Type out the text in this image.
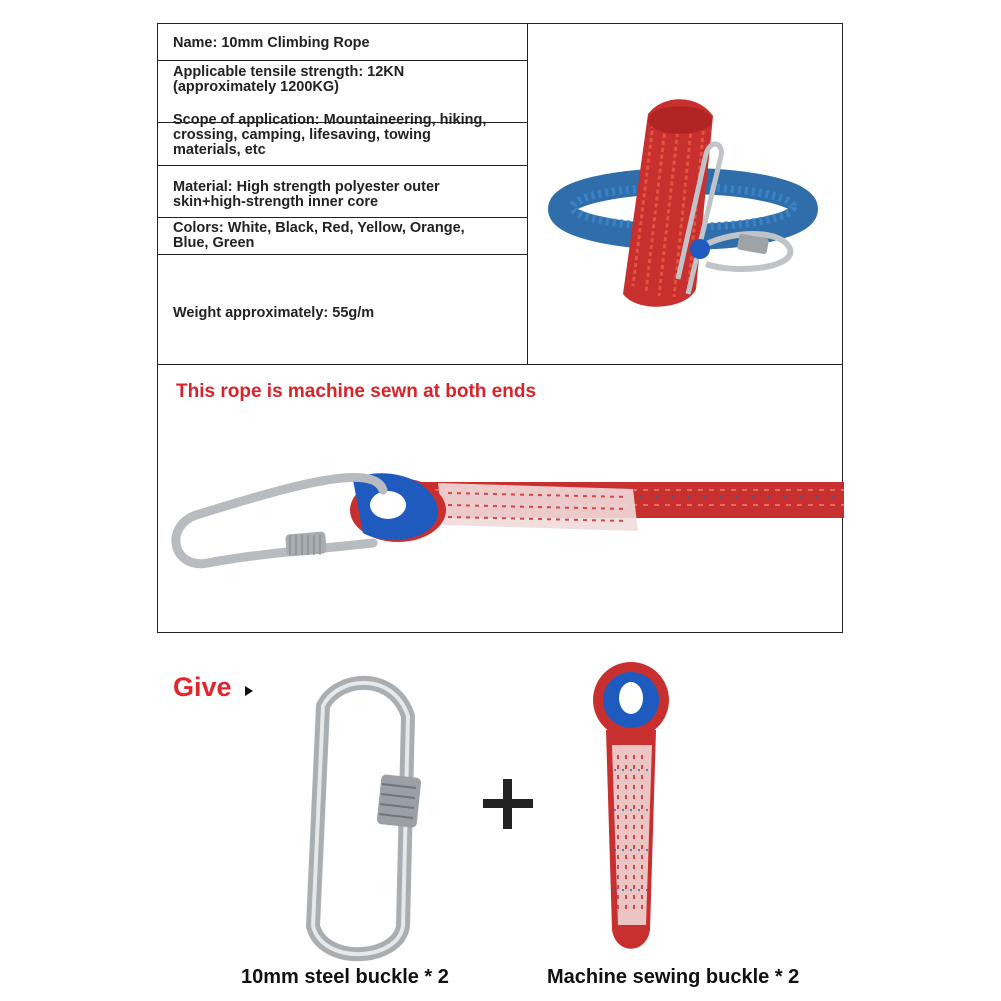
Name: 10mm Climbing Rope
Applicable tensile strength: 12KN
(approximately 1200KG)
Scope of application: Mountaineering, hiking,
crossing, camping, lifesaving, towing
materials, etc
Material: High strength polyester outer
skin+high-strength inner core
Colors: White, Black, Red, Yellow, Orange,
Blue, Green
Weight approximately: 55g/m
This rope is machine sewn at both ends
Give
10mm steel buckle * 2	Machine sewing buckle * 2
